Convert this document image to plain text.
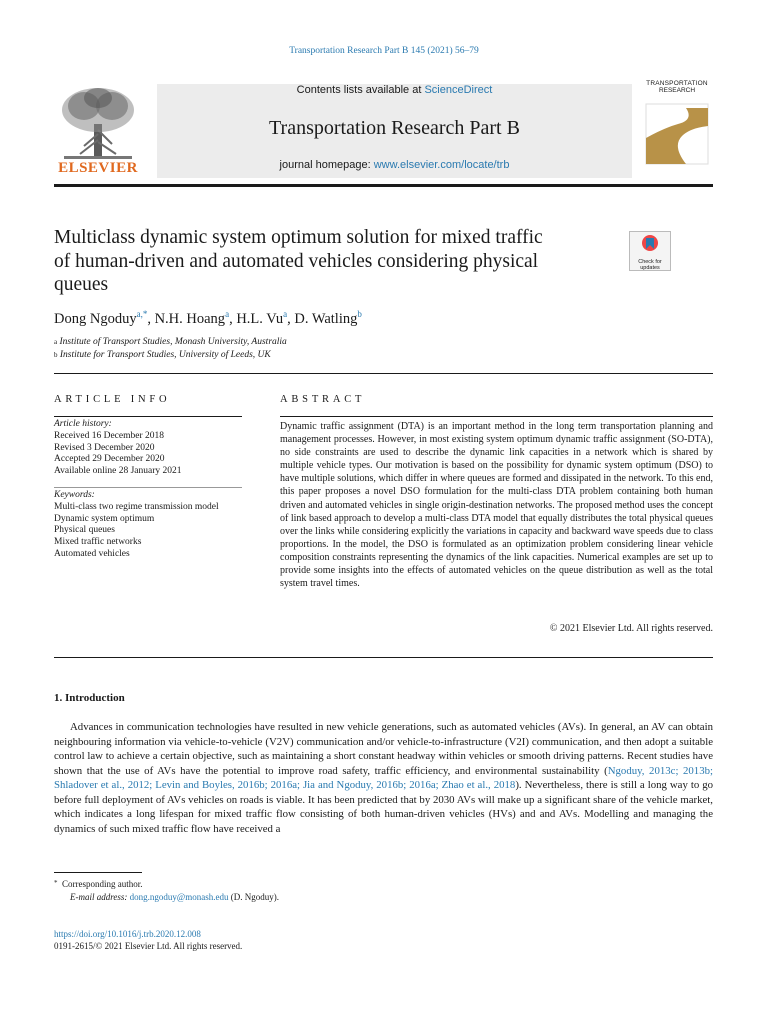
Transportation Research Part B 145 (2021) 56–79
ELSEVIER
Contents lists available at ScienceDirect
Transportation Research Part B
journal homepage: www.elsevier.com/locate/trb
TRANSPORTATION
RESEARCH
Multiclass dynamic system optimum solution for mixed traffic
of human-driven and automated vehicles considering physical
queues
Check for
updates
Dong Ngoduy$^{a,*}$, N.H. Hoang$^a$, H.L. Vu$^a$, D. Watling$^b$
$^a$ Institute of Transport Studies, Monash University, Australia
$^b$ Institute for Transport Studies, University of Leeds, UK
ARTICLE INFO
Article history:
Received 16 December 2018
Revised 3 December 2020
Accepted 29 December 2020
Available online 28 January 2021
Keywords:
Multi-class two regime transmission model
Dynamic system optimum
Physical queues
Mixed traffic networks
Automated vehicles
ABSTRACT
Dynamic traffic assignment (DTA) is an important method in the long term transportation planning and management processes. However, in most existing system optimum dynamic traffic assignment (SO-DTA), no side constraints are used to describe the dynamic link capacities in a network which is shared by multiple vehicle types. Our motivation is based on the possibility for dynamic system optimum (DSO) to have multiple solutions, which differ in where queues are formed and dissipated in the network. To this end, this paper proposes a novel DSO formulation for the multi-class DTA problem containing both human driven and automated vehicles in single origin-destination networks. The proposed method uses the concept of link based approach to develop a multi-class DTA model that equally distributes the total physical queues over the links while considering explicitly the variations in capacity and backward wave speeds due to class proportions. In the model, the DSO is formulated as an optimization problem considering linear vehicle composition constraints representing the dynamics of the link capacities. Numerical examples are set up to provide some insights into the effects of automated vehicles on the queue distribution as well as the total system travel times.
© 2021 Elsevier Ltd. All rights reserved.
1. Introduction
Advances in communication technologies have resulted in new vehicle generations, such as automated vehicles (AVs). In general, an AV can obtain neighbouring information via vehicle-to-vehicle (V2V) communication and/or vehicle-to-infrastructure (V2I) communication, and then adopt a suitable control law to achieve a certain objective, such as maintaining a short constant headway within vehicles or smooth driving patterns. Recent studies have shown that the use of AVs have the potential to improve road safety, traffic efficiency, and environmental sustainability (Ngoduy, 2013c; 2013b; Shladover et al., 2012; Levin and Boyles, 2016b; 2016a; Jia and Ngoduy, 2016b; 2016a; Zhao et al., 2018). Nevertheless, there is still a long way to go before full deployment of AVs vehicles on roads is viable. It has been predicted that by 2030 AVs will make up a significant share of the vehicle market, which indicates a long lifespan for mixed traffic flow consisting of both human-driven vehicles (HVs) and and AVs. Modelling and managing the dynamics of such mixed traffic flow have received a
* Corresponding author.
E-mail address: dong.ngoduy@monash.edu (D. Ngoduy).
https://doi.org/10.1016/j.trb.2020.12.008
0191-2615/© 2021 Elsevier Ltd. All rights reserved.
